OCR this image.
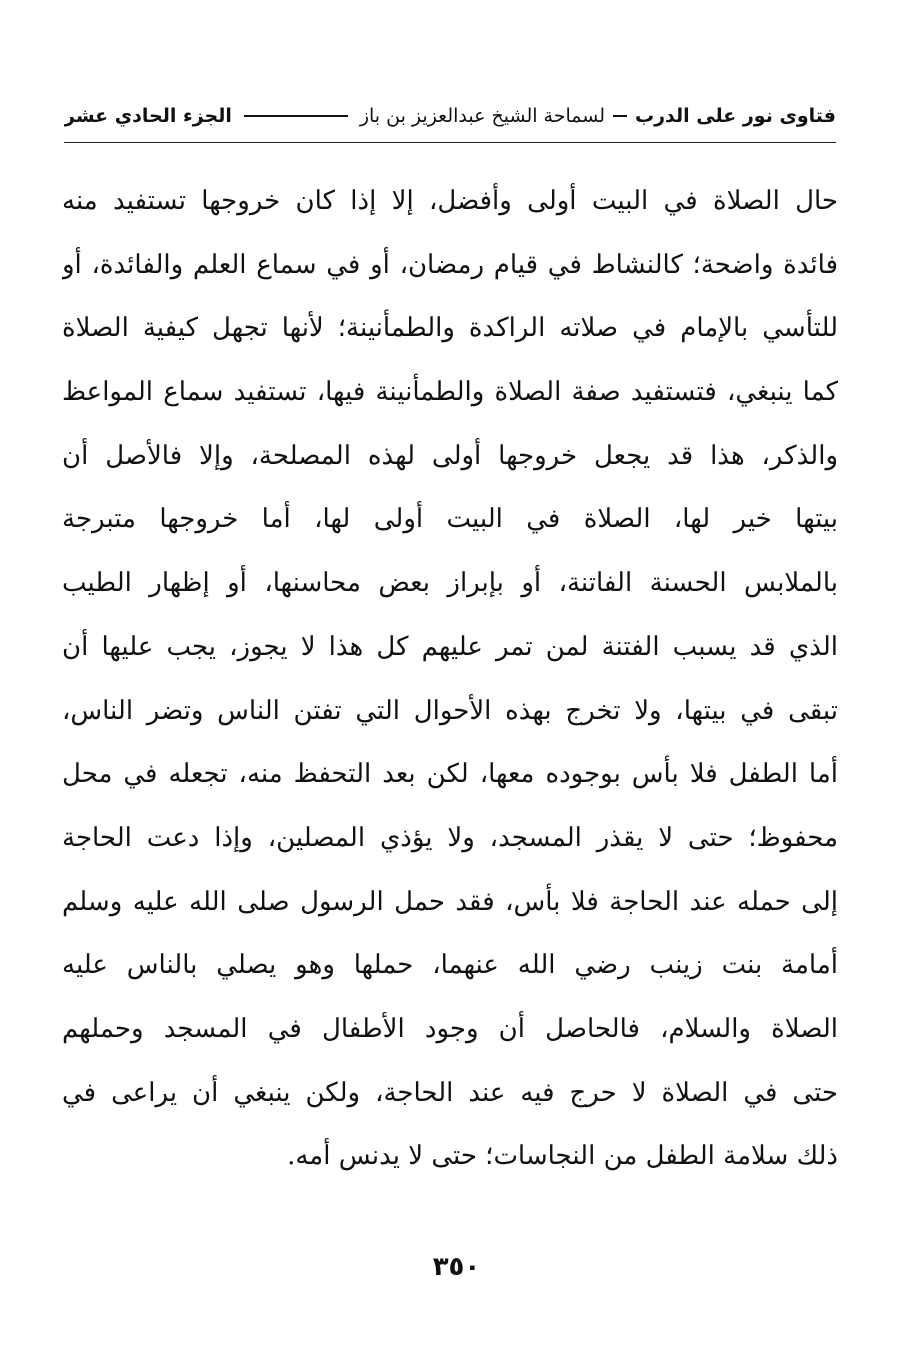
فتاوى نور على الدرب
لسماحة الشيخ عبدالعزيز بن باز
الجزء الحادي عشر
حال الصلاة في البيت أولى وأفضل، إلا إذا كان خروجها تستفيد منه
فائدة واضحة؛ كالنشاط في قيام رمضان، أو في سماع العلم والفائدة، أو
للتأسي بالإمام في صلاته الراكدة والطمأنينة؛ لأنها تجهل كيفية الصلاة
كما ينبغي، فتستفيد صفة الصلاة والطمأنينة فيها، تستفيد سماع المواعظ
والذكر، هذا قد يجعل خروجها أولى لهذه المصلحة، وإلا فالأصل أن
بيتها خير لها، الصلاة في البيت أولى لها، أما خروجها متبرجة
بالملابس الحسنة الفاتنة، أو بإبراز بعض محاسنها، أو إظهار الطيب
الذي قد يسبب الفتنة لمن تمر عليهم كل هذا لا يجوز، يجب عليها أن
تبقى في بيتها، ولا تخرج بهذه الأحوال التي تفتن الناس وتضر الناس،
أما الطفل فلا بأس بوجوده معها، لكن بعد التحفظ منه، تجعله في محل
محفوظ؛ حتى لا يقذر المسجد، ولا يؤذي المصلين، وإذا دعت الحاجة
إلى حمله عند الحاجة فلا بأس، فقد حمل الرسول صلى الله عليه وسلم
أمامة بنت زينب رضي الله عنهما، حملها وهو يصلي بالناس عليه
الصلاة والسلام، فالحاصل أن وجود الأطفال في المسجد وحملهم
حتى في الصلاة لا حرج فيه عند الحاجة، ولكن ينبغي أن يراعى في
ذلك سلامة الطفل من النجاسات؛ حتى لا يدنس أمه.
٣٥٠
